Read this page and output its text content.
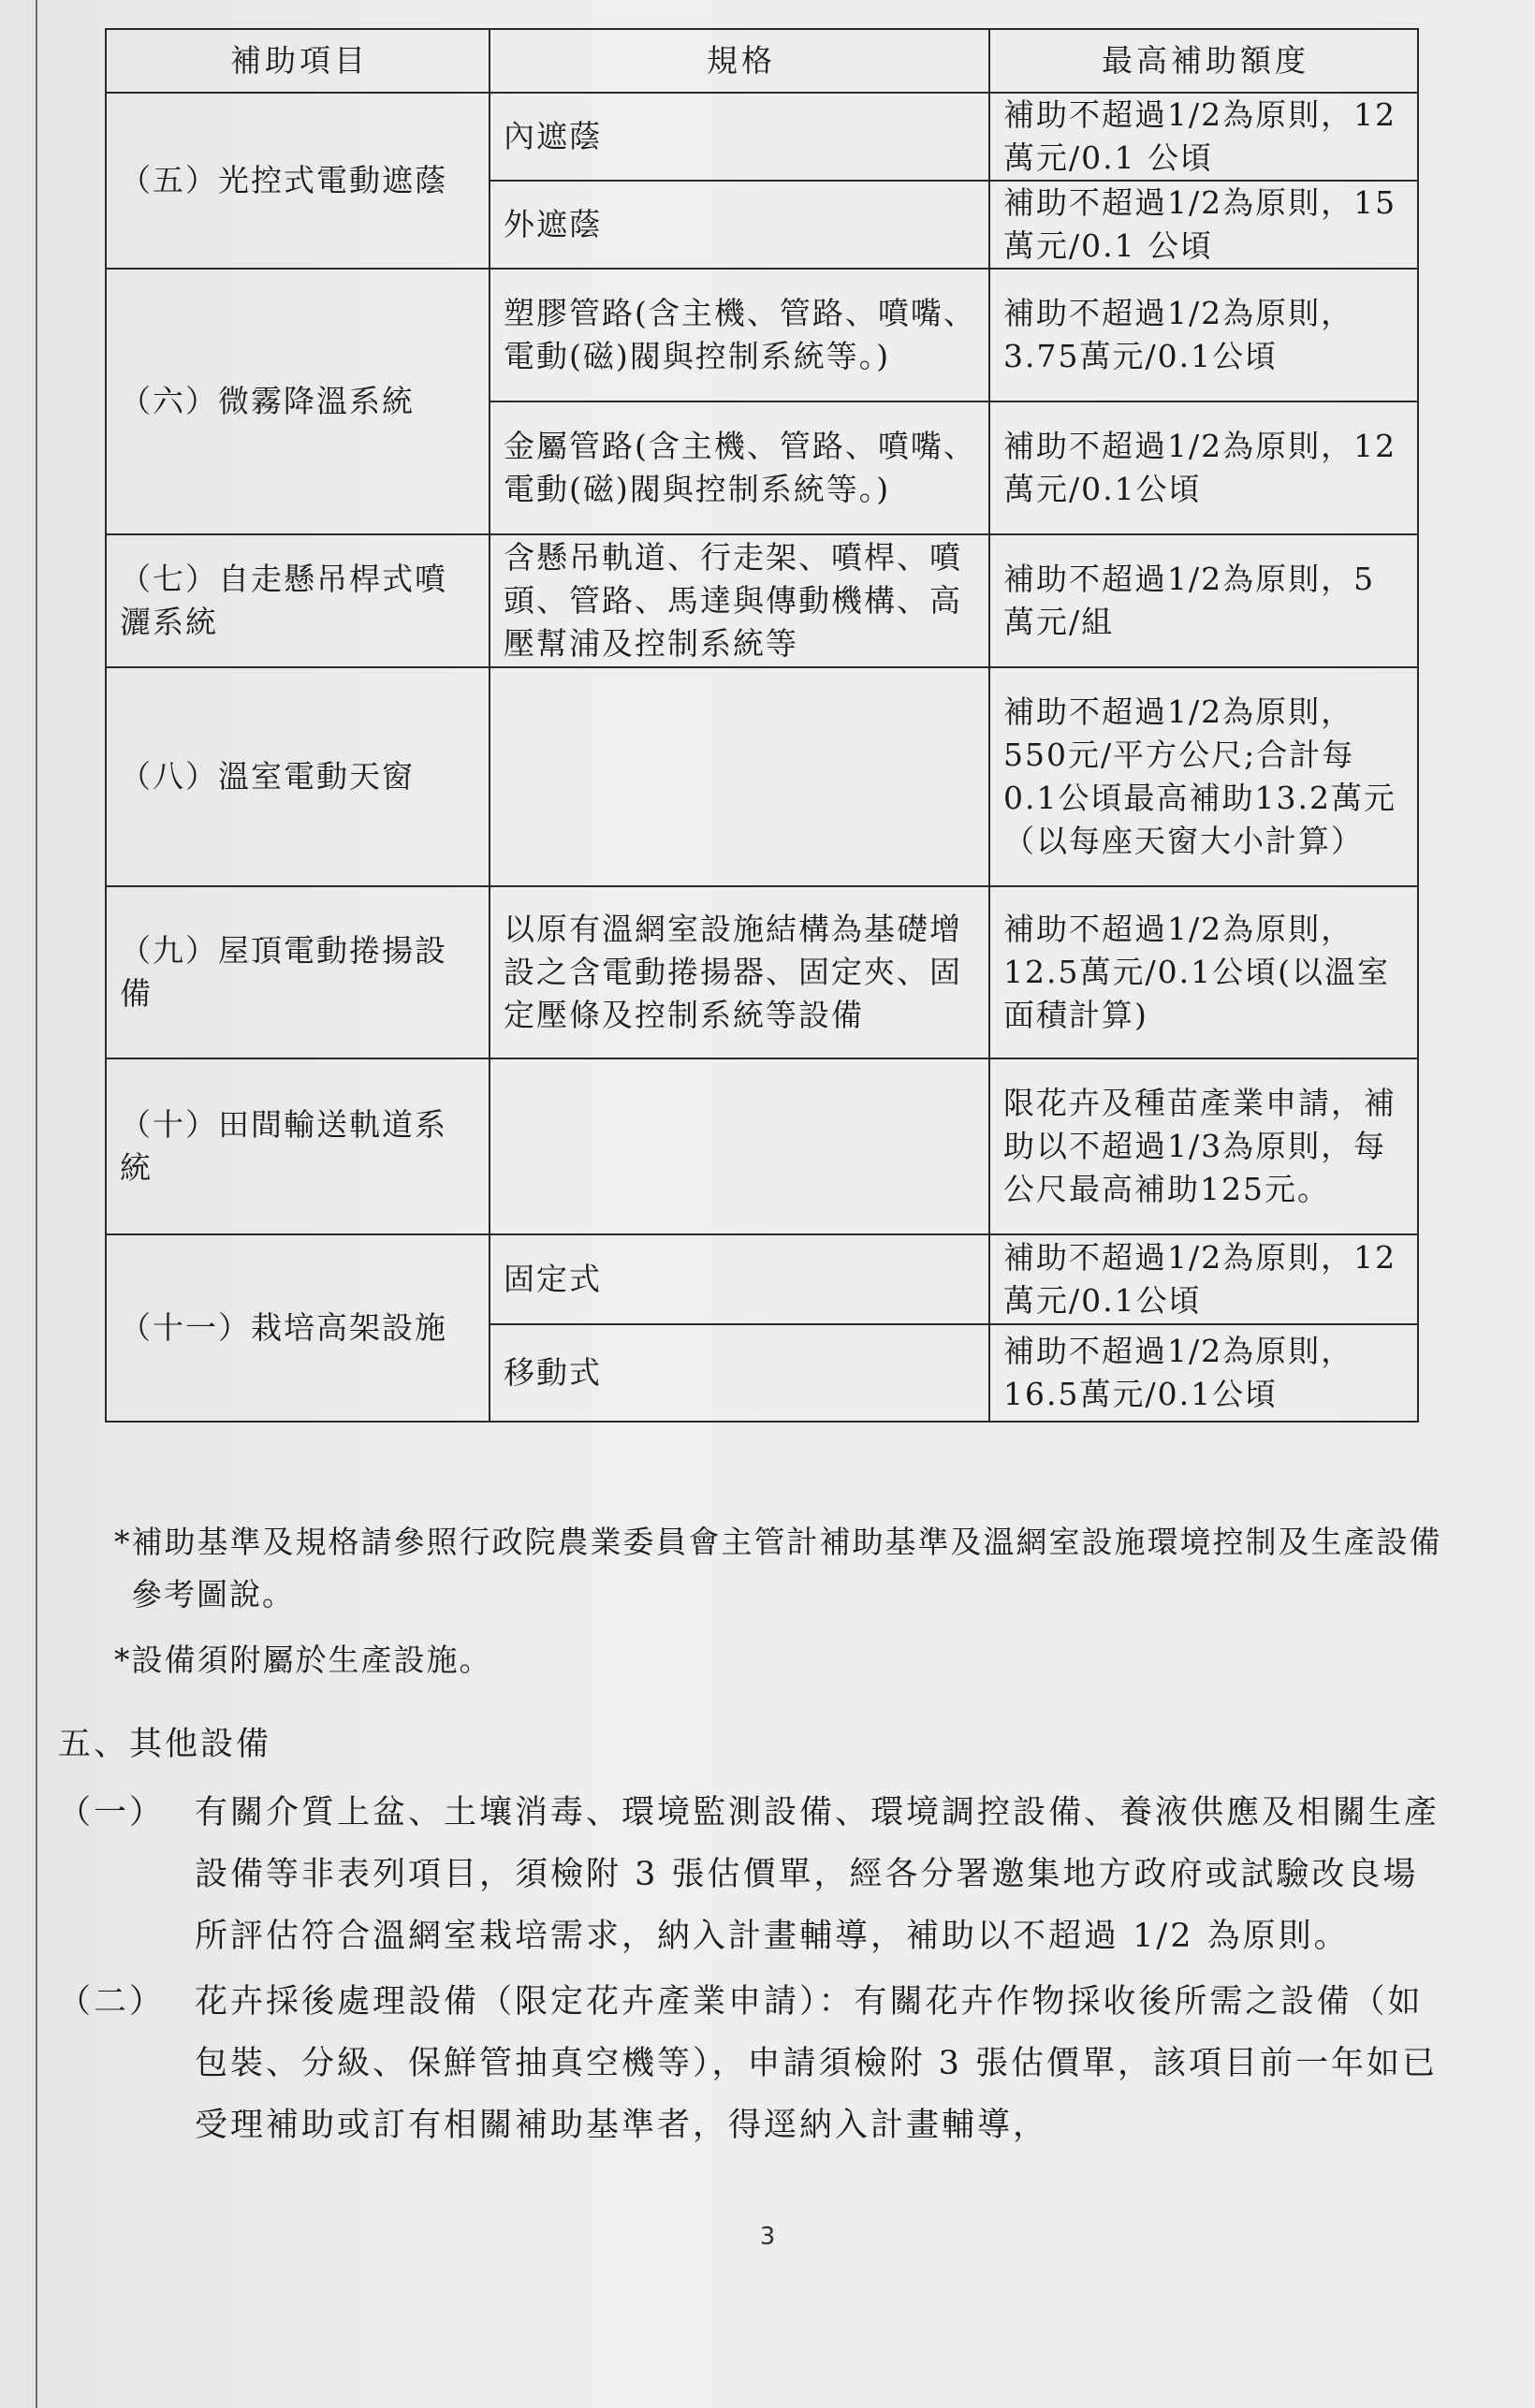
補助項目	規格	最高補助額度
（五）光控式電動遮蔭	內遮蔭	補助不超過1/2為原則，12 萬元/0.1 公頃
	外遮蔭	補助不超過1/2為原則，15 萬元/0.1 公頃
（六）微霧降溫系統	塑膠管路(含主機、管路、噴嘴、電動(磁)閥與控制系統等。)	補助不超過1/2為原則，3.75萬元/0.1公頃
	金屬管路(含主機、管路、噴嘴、電動(磁)閥與控制系統等。)	補助不超過1/2為原則，12萬元/0.1公頃
（七）自走懸吊桿式噴灑系統	含懸吊軌道、行走架、噴桿、噴頭、管路、馬達與傳動機構、高壓幫浦及控制系統等	補助不超過1/2為原則，5萬元/組
（八）溫室電動天窗		補助不超過1/2為原則，550元/平方公尺;合計每0.1公頃最高補助13.2萬元（以每座天窗大小計算）
（九）屋頂電動捲揚設備	以原有溫網室設施結構為基礎增設之含電動捲揚器、固定夾、固定壓條及控制系統等設備	補助不超過1/2為原則，12.5萬元/0.1公頃(以溫室面積計算)
（十）田間輸送軌道系統		限花卉及種苗產業申請，補助以不超過1/3為原則，每公尺最高補助125元。
（十一）栽培高架設施	固定式	補助不超過1/2為原則，12萬元/0.1公頃
	移動式	補助不超過1/2為原則，16.5萬元/0.1公頃

*補助基準及規格請參照行政院農業委員會主管計補助基準及溫網室設施環境控制及生產設備參考圖說。

*設備須附屬於生產設施。

五、其他設備
（一） 有關介質上盆、土壤消毒、環境監測設備、環境調控設備、養液供應及相關生產設備等非表列項目，須檢附 3 張估價單，經各分署邀集地方政府或試驗改良場所評估符合溫網室栽培需求，納入計畫輔導，補助以不超過 1/2 為原則。
（二） 花卉採後處理設備（限定花卉產業申請）：有關花卉作物採收後所需之設備（如包裝、分級、保鮮管抽真空機等），申請須檢附 3 張估價單，該項目前一年如已受理補助或訂有相關補助基準者，得逕納入計畫輔導，
3
